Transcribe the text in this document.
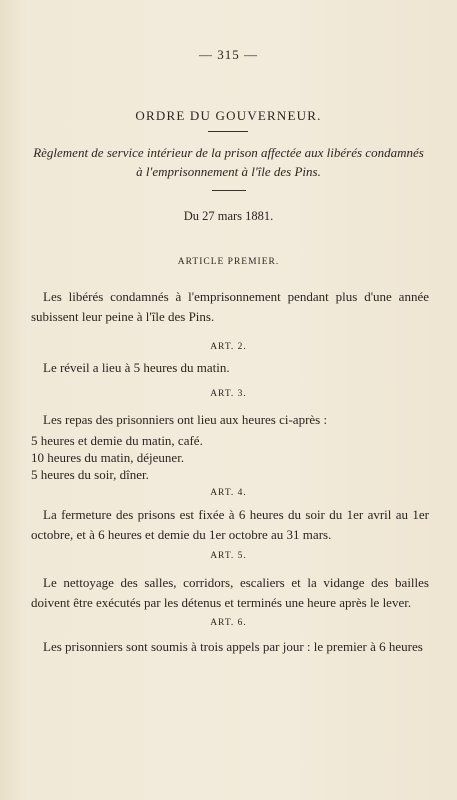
— 315 —
ORDRE DU GOUVERNEUR.
Règlement de service intérieur de la prison affectée aux libérés condamnés
à l'emprisonnement à l'île des Pins.
Du 27 mars 1881.
ARTICLE PREMIER.
Les libérés condamnés à l'emprisonnement pendant plus d'une année subissent leur peine à l'île des Pins.
ART. 2.
Le réveil a lieu à 5 heures du matin.
ART. 3.
Les repas des prisonniers ont lieu aux heures ci-après :
5 heures et demie du matin, café.
10 heures du matin, déjeuner.
5 heures du soir, dîner.
ART. 4.
La fermeture des prisons est fixée à 6 heures du soir du 1er avril au 1er octobre, et à 6 heures et demie du 1er octobre au 31 mars.
ART. 5.
Le nettoyage des salles, corridors, escaliers et la vidange des bailles doivent être exécutés par les détenus et terminés une heure après le lever.
ART. 6.
Les prisonniers sont soumis à trois appels par jour : le premier à 6 heures
